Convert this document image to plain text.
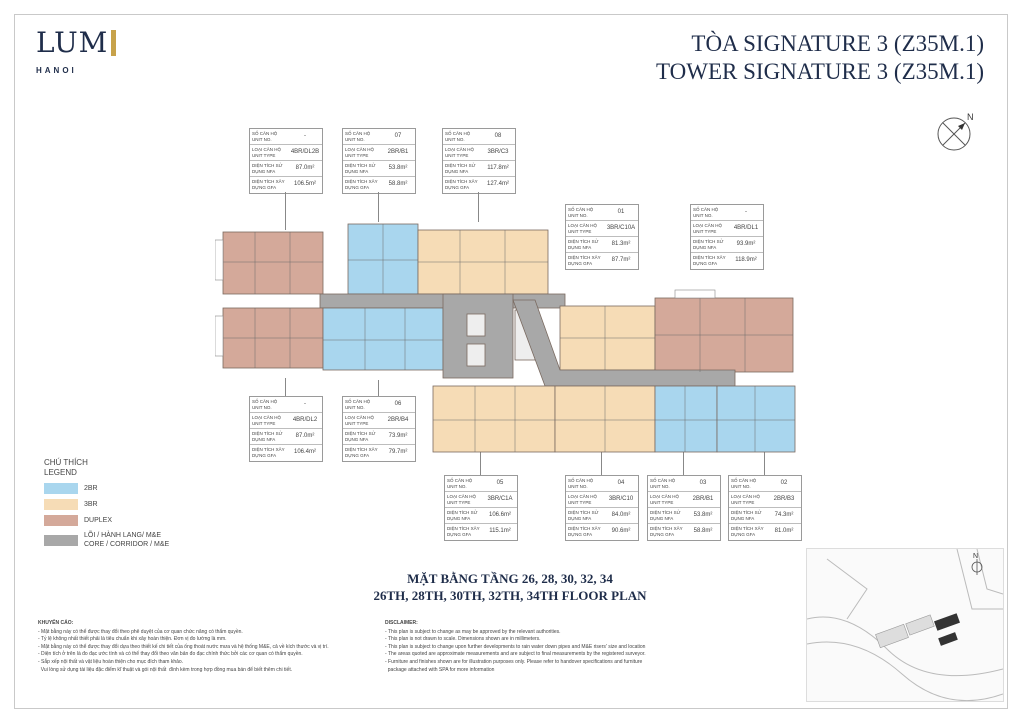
LUM
HANOI
TÒA SIGNATURE 3 (Z35M.1)
TOWER SIGNATURE 3 (Z35M.1)
N
SỐ CĂN HỘ UNIT NO.
-
LOẠI CĂN HỘ UNIT TYPE
4BR/DL2B
DIỆN TÍCH SỬ DỤNG NFA
87.0m²
DIỆN TÍCH XÂY DỰNG GFA
106.5m²
SỐ CĂN HỘ UNIT NO.
07
LOẠI CĂN HỘ UNIT TYPE
2BR/B1
DIỆN TÍCH SỬ DỤNG NFA
53.8m²
DIỆN TÍCH XÂY DỰNG GFA
58.8m²
SỐ CĂN HỘ UNIT NO.
08
LOẠI CĂN HỘ UNIT TYPE
3BR/C3
DIỆN TÍCH SỬ DỤNG NFA
117.8m²
DIỆN TÍCH XÂY DỰNG GFA
127.4m²
SỐ CĂN HỘ UNIT NO.
01
LOẠI CĂN HỘ UNIT TYPE
3BR/C10A
DIỆN TÍCH SỬ DỤNG NFA
81.3m²
DIỆN TÍCH XÂY DỰNG GFA
87.7m²
SỐ CĂN HỘ UNIT NO.
-
LOẠI CĂN HỘ UNIT TYPE
4BR/DL1
DIỆN TÍCH SỬ DỤNG NFA
93.9m²
DIỆN TÍCH XÂY DỰNG GFA
118.9m²
SỐ CĂN HỘ UNIT NO.
-
LOẠI CĂN HỘ UNIT TYPE
4BR/DL2
DIỆN TÍCH SỬ DỤNG NFA
87.0m²
DIỆN TÍCH XÂY DỰNG GFA
106.4m²
SỐ CĂN HỘ UNIT NO.
06
LOẠI CĂN HỘ UNIT TYPE
2BR/B4
DIỆN TÍCH SỬ DỤNG NFA
73.9m²
DIỆN TÍCH XÂY DỰNG GFA
79.7m²
SỐ CĂN HỘ UNIT NO.
05
LOẠI CĂN HỘ UNIT TYPE
3BR/C1A
DIỆN TÍCH SỬ DỤNG NFA
106.6m²
DIỆN TÍCH XÂY DỰNG GFA
115.1m²
SỐ CĂN HỘ UNIT NO.
04
LOẠI CĂN HỘ UNIT TYPE
3BR/C10
DIỆN TÍCH SỬ DỤNG NFA
84.0m²
DIỆN TÍCH XÂY DỰNG GFA
90.6m²
SỐ CĂN HỘ UNIT NO.
03
LOẠI CĂN HỘ UNIT TYPE
2BR/B1
DIỆN TÍCH SỬ DỤNG NFA
53.8m²
DIỆN TÍCH XÂY DỰNG GFA
58.8m²
SỐ CĂN HỘ UNIT NO.
02
LOẠI CĂN HỘ UNIT TYPE
2BR/B3
DIỆN TÍCH SỬ DỤNG NFA
74.3m²
DIỆN TÍCH XÂY DỰNG GFA
81.0m²
CHÚ THÍCH
LEGEND
2BR
3BR
DUPLEX
LÕI / HÀNH LANG/ M&E
CORE / CORRIDOR / M&E
MẶT BẰNG TẦNG 26, 28, 30, 32, 34
26TH, 28TH, 30TH, 32TH, 34TH FLOOR PLAN
KHUYẾN CÁO:
- Mặt bằng này có thể được thay đổi theo phê duyệt của cơ quan chức năng có thẩm quyền.
- Tỷ lệ không nhất thiết phải là tiêu chuẩn khi xây hoàn thiện. Đơn vị đo lường là mm.
- Mặt bằng này có thể được thay đổi dựa theo thiết kế chi tiết của ống thoát nước mưa và hệ thống M&E, cả về kích thước và vị trí.
- Diện tích ở trên là đo đạc ước tính và có thể thay đổi theo văn bản đo đạc chính thức bởi các cơ quan có thẩm quyền.
- Sắp xếp nội thất và vật liệu hoàn thiện cho mục đích tham khảo.
Vui lòng sử dụng tài liệu đặc điểm kĩ thuật và gói nội thất  đính kèm trong hợp đồng mua bán để biết thêm chi tiết.
DISCLAIMER:
- This plan is subject to change as may be approved by the relevant authorities.
- This plan is not drawn to scale. Dimensions shown are in millimeters.
- This plan is subject to change upon further developments to rain water down pipes and M&E risers' size and location
- The areas quoted are approximate measurements and are subject to final measurements by the registered surveyor.
- Furniture and finishes shown are for illustration purposes only. Please refer to handover specifications and furniture
package attached with SPA for more information
N
